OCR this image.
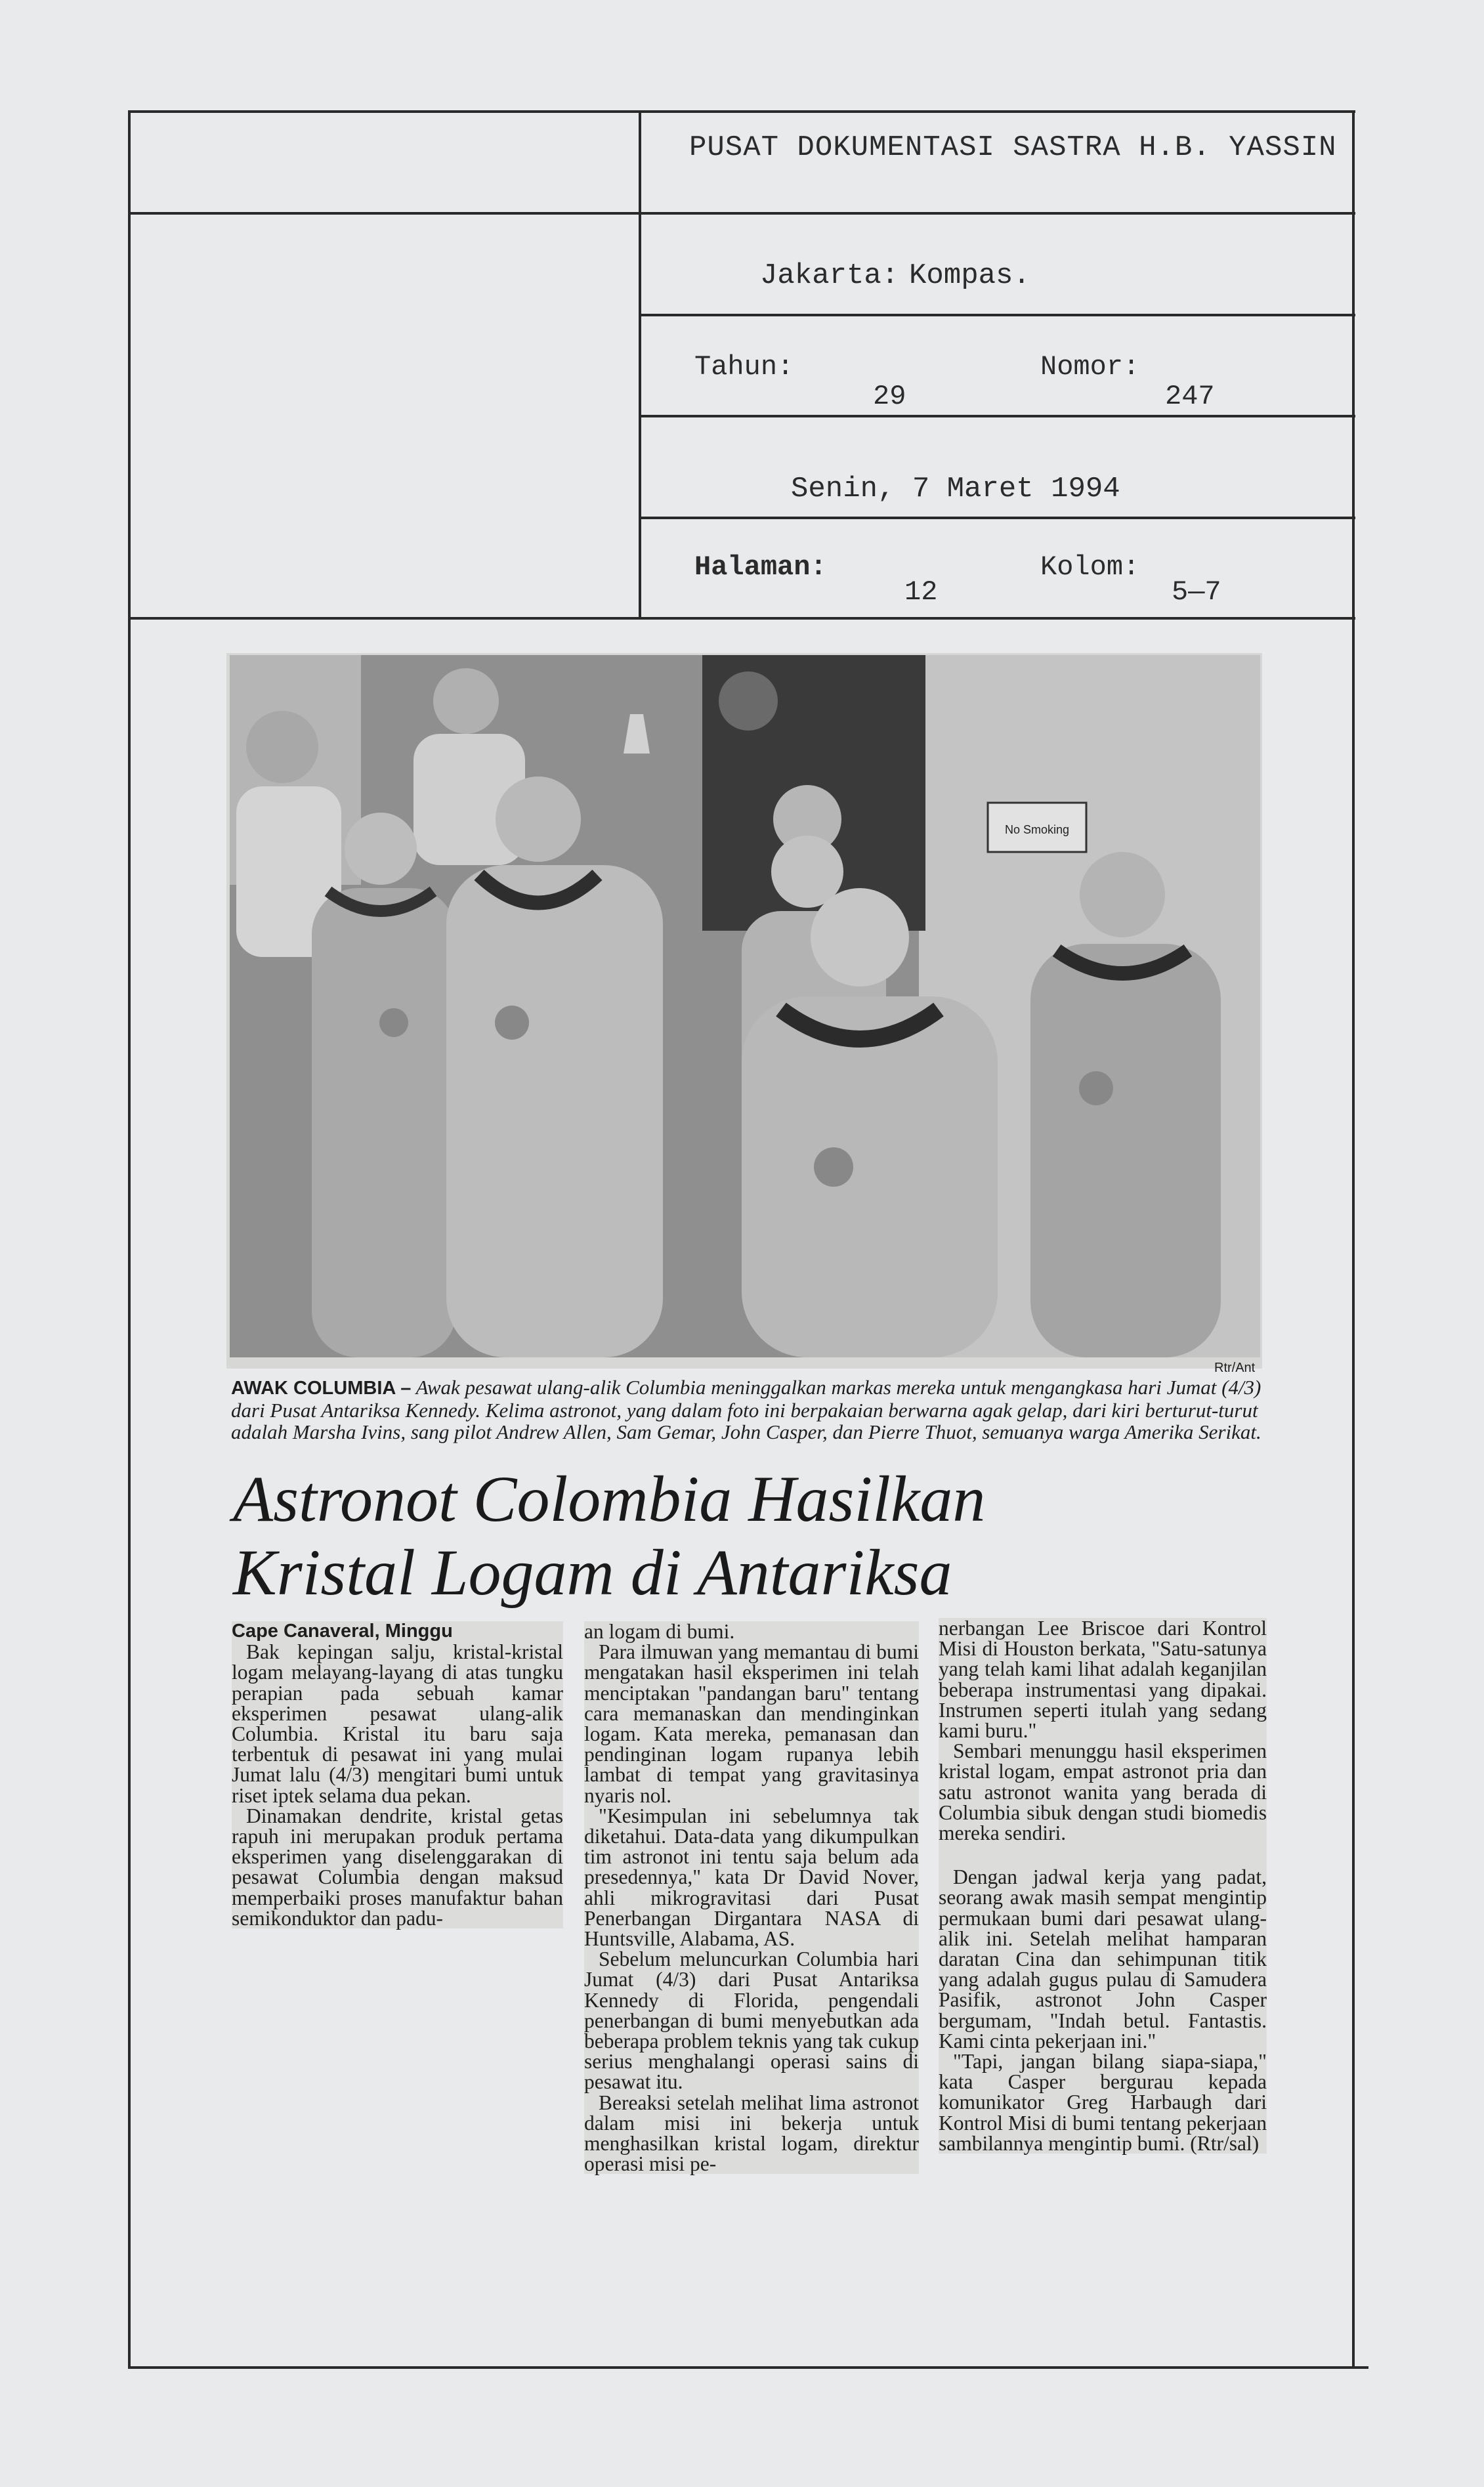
PUSAT DOKUMENTASI SASTRA H.B. YASSIN
Jakarta: Kompas.
Tahun:
29
Nomor:
247
Senin, 7 Maret 1994
Halaman:
12
Kolom:
5—7
No Smoking
Rtr/Ant
AWAK COLUMBIA – Awak pesawat ulang-alik Columbia meninggalkan markas mereka untuk mengangkasa hari Jumat (4/3) dari Pusat Antariksa Kennedy. Kelima astronot, yang dalam foto ini berpakaian berwarna agak gelap, dari kiri berturut-turut adalah Marsha Ivins, sang pilot Andrew Allen, Sam Gemar, John Casper, dan Pierre Thuot, semuanya warga Amerika Serikat.
Astronot Colombia Hasilkan
Kristal Logam di Antariksa

Cape Canaveral, Minggu

Bak kepingan salju, kristal-kristal logam melayang-layang di atas tungku perapian pada sebuah kamar eksperimen pesawat ulang-alik Columbia. Kristal itu baru saja terbentuk di pesawat ini yang mulai Jumat lalu (4/3) mengitari bumi untuk riset iptek selama dua pekan.

Dinamakan dendrite, kristal getas rapuh ini merupakan produk pertama eksperimen yang diselenggarakan di pesawat Columbia dengan maksud memperbaiki proses manufaktur bahan semikonduktor dan padu-

an logam di bumi.

Para ilmuwan yang memantau di bumi mengatakan hasil eksperimen ini telah menciptakan "pandangan baru" tentang cara memanaskan dan mendinginkan logam. Kata mereka, pemanasan dan pendinginan logam rupanya lebih lambat di tempat yang gravitasinya nyaris nol.

"Kesimpulan ini sebelumnya tak diketahui. Data-data yang dikumpulkan tim astronot ini tentu saja belum ada presedennya," kata Dr David Nover, ahli mikrogravitasi dari Pusat Penerbangan Dirgantara NASA di Huntsville, Alabama, AS.

Sebelum meluncurkan Columbia hari Jumat (4/3) dari Pusat Antariksa Kennedy di Florida, pengendali penerbangan di bumi menyebutkan ada beberapa problem teknis yang tak cukup serius menghalangi operasi sains di pesawat itu.

Bereaksi setelah melihat lima astronot dalam misi ini bekerja untuk menghasilkan kristal logam, direktur operasi misi pe-

nerbangan Lee Briscoe dari Kontrol Misi di Houston berkata, "Satu-satunya yang telah kami lihat adalah keganjilan beberapa instrumentasi yang dipakai. Instrumen seperti itulah yang sedang kami buru."

Sembari menunggu hasil eksperimen kristal logam, empat astronot pria dan satu astronot wanita yang berada di Columbia sibuk dengan studi biomedis mereka sendiri.

Dengan jadwal kerja yang padat, seorang awak masih sempat mengintip permukaan bumi dari pesawat ulang-alik ini. Setelah melihat hamparan daratan Cina dan sehimpunan titik yang adalah gugus pulau di Samudera Pasifik, astronot John Casper bergumam, "Indah betul. Fantastis. Kami cinta pekerjaan ini."

"Tapi, jangan bilang siapa-siapa," kata Casper bergurau kepada komunikator Greg Harbaugh dari Kontrol Misi di bumi tentang pekerjaan sambilannya mengintip bumi. (Rtr/sal)
